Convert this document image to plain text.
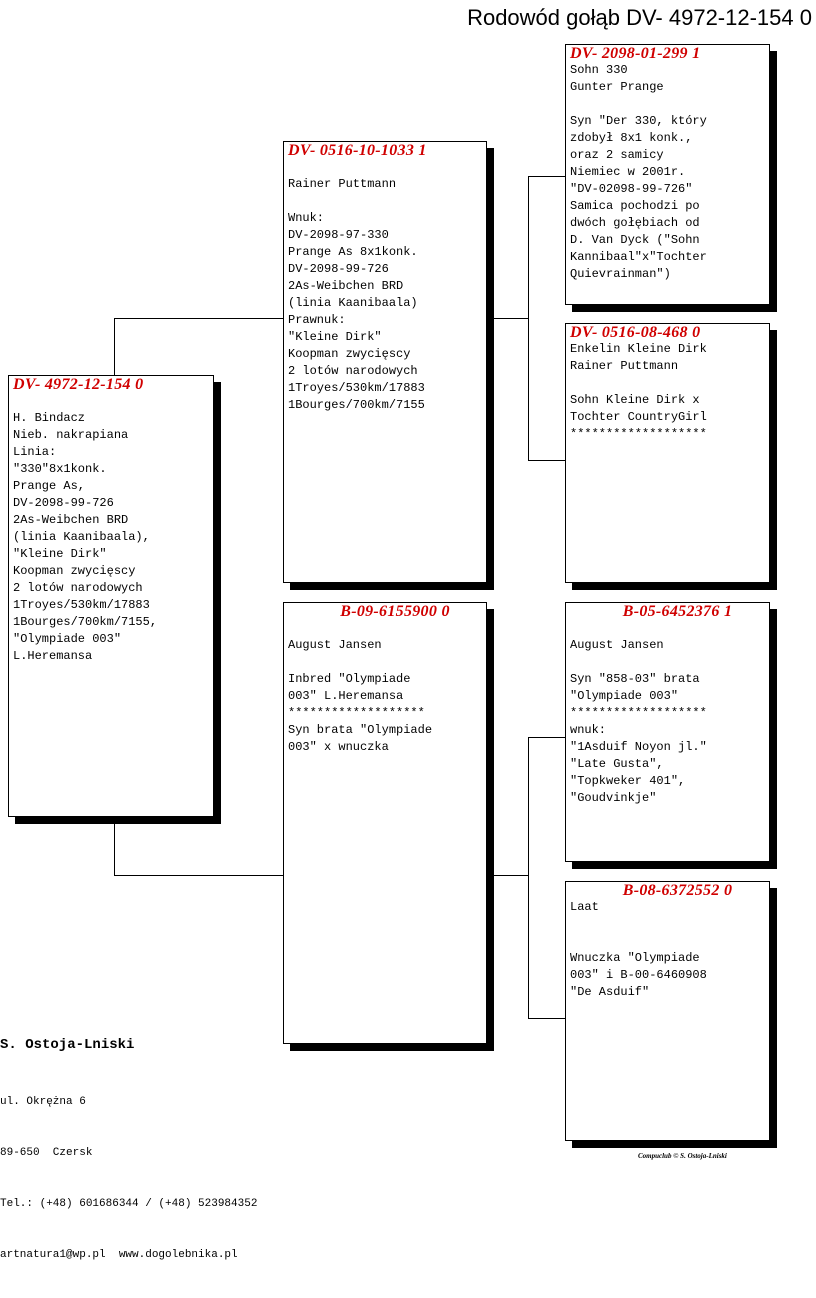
Rodowód gołąb DV- 4972-12-154 0
DV- 4972-12-154 0

H. Bindacz
Nieb. nakrapiana
Linia:
"330"8x1konk.
Prange As,
DV-2098-99-726
2As-Weibchen BRD
(linia Kaanibaala),
"Kleine Dirk"
Koopman zwycięscy
2 lotów narodowych
1Troyes/530km/17883
1Bourges/700km/7155,
"Olympiade 003"
L.Heremansa
DV- 0516-10-1033 1

Rainer Puttmann

Wnuk:
DV-2098-97-330
Prange As 8x1konk.
DV-2098-99-726
2As-Weibchen BRD
(linia Kaanibaala)
Prawnuk:
"Kleine Dirk"
Koopman zwycięscy
2 lotów narodowych
1Troyes/530km/17883
1Bourges/700km/7155
B-09-6155900 0

August Jansen

Inbred "Olympiade
003" L.Heremansa
*******************
Syn brata "Olympiade
003" x wnuczka
DV- 2098-01-299 1
Sohn 330
Gunter Prange

Syn "Der 330, który
zdobył 8x1 konk.,
oraz 2 samicy
Niemiec w 2001r.
"DV-02098-99-726"
Samica pochodzi po
dwóch gołębiach od
D. Van Dyck ("Sohn
Kannibaal"x"Tochter
Quievrainman")
DV- 0516-08-468 0
Enkelin Kleine Dirk
Rainer Puttmann

Sohn Kleine Dirk x
Tochter CountryGirl
*******************
B-05-6452376 1

August Jansen

Syn "858-03" brata
"Olympiade 003"
*******************
wnuk:
"1Asduif Noyon jl."
"Late Gusta",
"Topkweker 401",
"Goudvinkje"
B-08-6372552 0
Laat

Wnuczka "Olympiade
003" i B-00-6460908
"De Asduif"
S. Ostoja-Lniski

ul. Okrężna 6

89-650  Czersk

Tel.: (+48) 601686344 / (+48) 523984352

artnatura1@wp.pl  www.dogolebnika.pl

Compuclub © S. Ostoja-Lniski
